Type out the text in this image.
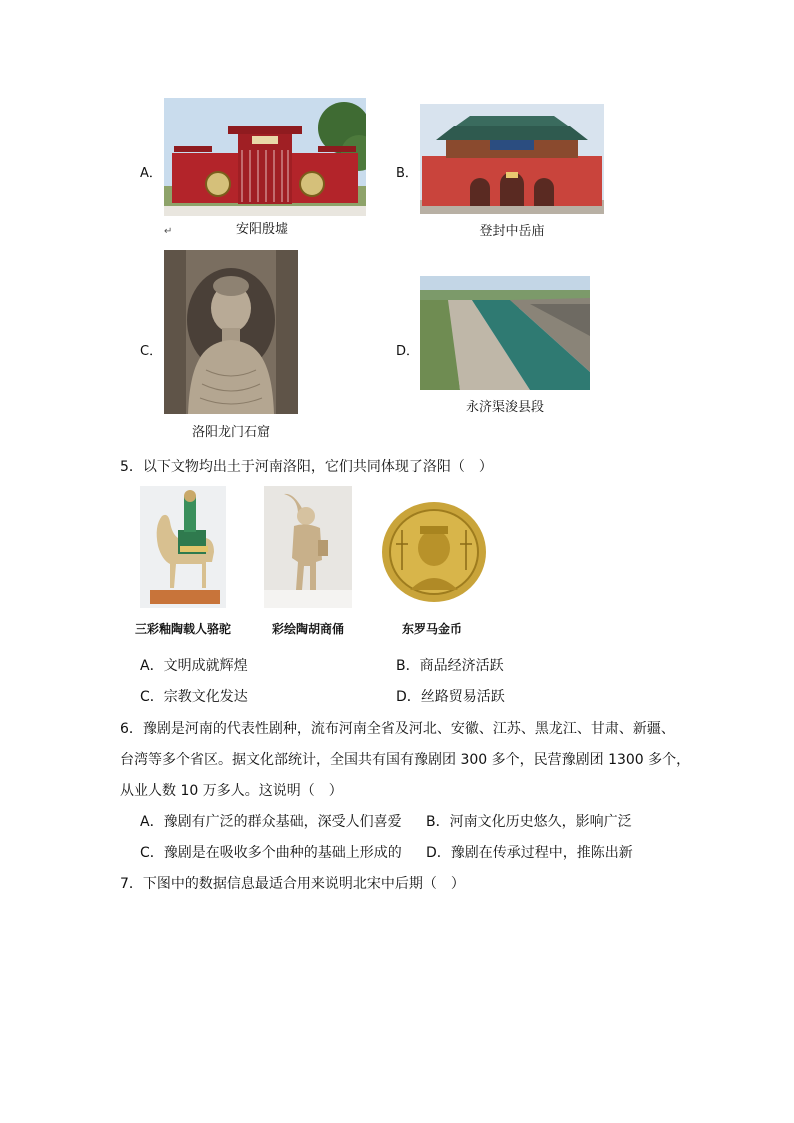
A．
↵	安阳殷墟
B．
登封中岳庙
C．
洛阳龙门石窟
D．
永济渠浚县段
5．以下文物均出土于河南洛阳，它们共同体现了洛阳（　）
三彩釉陶载人骆驼	彩绘陶胡商俑	东罗马金币
A．文明成就辉煌	B．商品经济活跃
C．宗教文化发达	D．丝路贸易活跃
6．豫剧是河南的代表性剧种，流布河南全省及河北、安徽、江苏、黑龙江、甘肃、新疆、
台湾等多个省区。据文化部统计，全国共有国有豫剧团 300 多个，民营豫剧团 1300 多个，
从业人数 10 万多人。这说明（　）
A．豫剧有广泛的群众基础，深受人们喜爱 B．河南文化历史悠久，影响广泛
C．豫剧是在吸收多个曲种的基础上形成的 D．豫剧在传承过程中，推陈出新
7．下图中的数据信息最适合用来说明北宋中后期（　）
